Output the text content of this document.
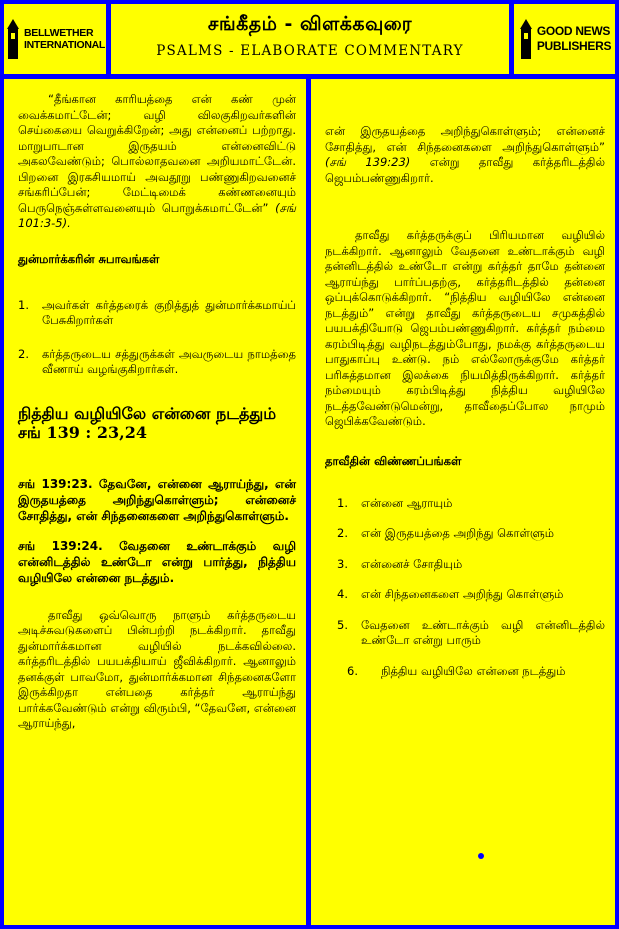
BELLWETHER
INTERNATIONAL
சங்கீதம் - விளக்கவுரை
PSALMS - ELABORATE COMMENTARY
GOOD NEWS
PUBLISHERS

“தீங்கான காரியத்தை என் கண் முன் வைக்கமாட்டேன்; வழி விலகுகிறவர்களின் செய்கையை வெறுக்கிறேன்; அது என்னைப் பற்றாது. மாறுபாடான இருதயம் என்னைவிட்டு அகலவேண்டும்; பொல்லாதவனை அறியமாட்டேன். பிறனை இரகசியமாய் அவதூறு பண்ணுகிறவனைச் சங்கரிப்பேன்; மேட்டிமைக் கண்ணனையும் பெருநெஞ்சுள்ளவனையும் பொறுக்கமாட்டேன்” (சங் 101:3-5).

துன்மார்க்கரின் சுபாவங்கள்

1.	அவர்கள் கர்த்தரைக் குறித்துத் துன்மார்க்கமாய்ப் பேசுகிறார்கள்
2.	கர்த்தருடைய சத்துருக்கள் அவருடைய நாமத்தை வீணாய் வழங்குகிறார்கள்.

நித்திய வழியிலே என்னை நடத்தும்

சங் 139 : 23,24

சங் 139:23. தேவனே, என்னை ஆராய்ந்து, என் இருதயத்தை அறிந்துகொள்ளும்; என்னைச் சோதித்து, என் சிந்தனைகளை அறிந்துகொள்ளும்.

சங் 139:24. வேதனை உண்டாக்கும் வழி என்னிடத்தில் உண்டோ என்று பார்த்து, நித்திய வழியிலே என்னை நடத்தும்.

தாவீது ஒவ்வொரு நாளும் கர்த்தருடைய அடிச்சுவடுகளைப் பின்பற்றி நடக்கிறார். தாவீது துன்மார்க்கமான வழியில் நடக்கவில்லை. கர்த்தரிடத்தில் பயபக்தியாய் ஜீவிக்கிறார். ஆனாலும் தனக்குள் பாவமோ, துன்மார்க்கமான சிந்தனைகளோ இருக்கிறதா என்பதை கர்த்தர் ஆராய்ந்து பார்க்கவேண்டும் என்று விரும்பி, “தேவனே, என்னை ஆராய்ந்து,

என் இருதயத்தை அறிந்துகொள்ளும்; என்னைச் சோதித்து, என் சிந்தனைகளை அறிந்துகொள்ளும்” (சங் 139:23) என்று தாவீது கர்த்தரிடத்தில் ஜெபம்பண்ணுகிறார்.

தாவீது கர்த்தருக்குப் பிரியமான வழியில் நடக்கிறார். ஆனாலும் வேதனை உண்டாக்கும் வழி தன்னிடத்தில் உண்டோ என்று கர்த்தர் தாமே தன்னை ஆராய்ந்து பார்ப்பதற்கு, கர்த்தரிடத்தில் தன்னை ஒப்புக்கொடுக்கிறார். “நித்திய வழியிலே என்னை நடத்தும்” என்று தாவீது கர்த்தருடைய சமுகத்தில் பயபக்தியோடு ஜெபம்பண்ணுகிறார். கர்த்தர் நம்மை கரம்பிடித்து வழிநடத்தும்போது, நமக்கு கர்த்தருடைய பாதுகாப்பு உண்டு. நம் எல்லோருக்குமே கர்த்தர் பரிசுத்தமான இலக்கை நியமித்திருக்கிறார். கர்த்தர் நம்மையும் கரம்பிடித்து நித்திய வழியிலே நடத்தவேண்டுமென்று, தாவீதைப்போல நாமும் ஜெபிக்கவேண்டும்.

தாவீதின் விண்ணப்பங்கள்

1.	என்னை ஆராயும்
2.	என் இருதயத்தை அறிந்து கொள்ளும்
3.	என்னைச் சோதியும்
4.	என் சிந்தனைகளை அறிந்து கொள்ளும்
5.	வேதனை உண்டாக்கும் வழி என்னிடத்தில் உண்டோ என்று பாரும்
6.	நித்திய வழியிலே என்னை நடத்தும்
